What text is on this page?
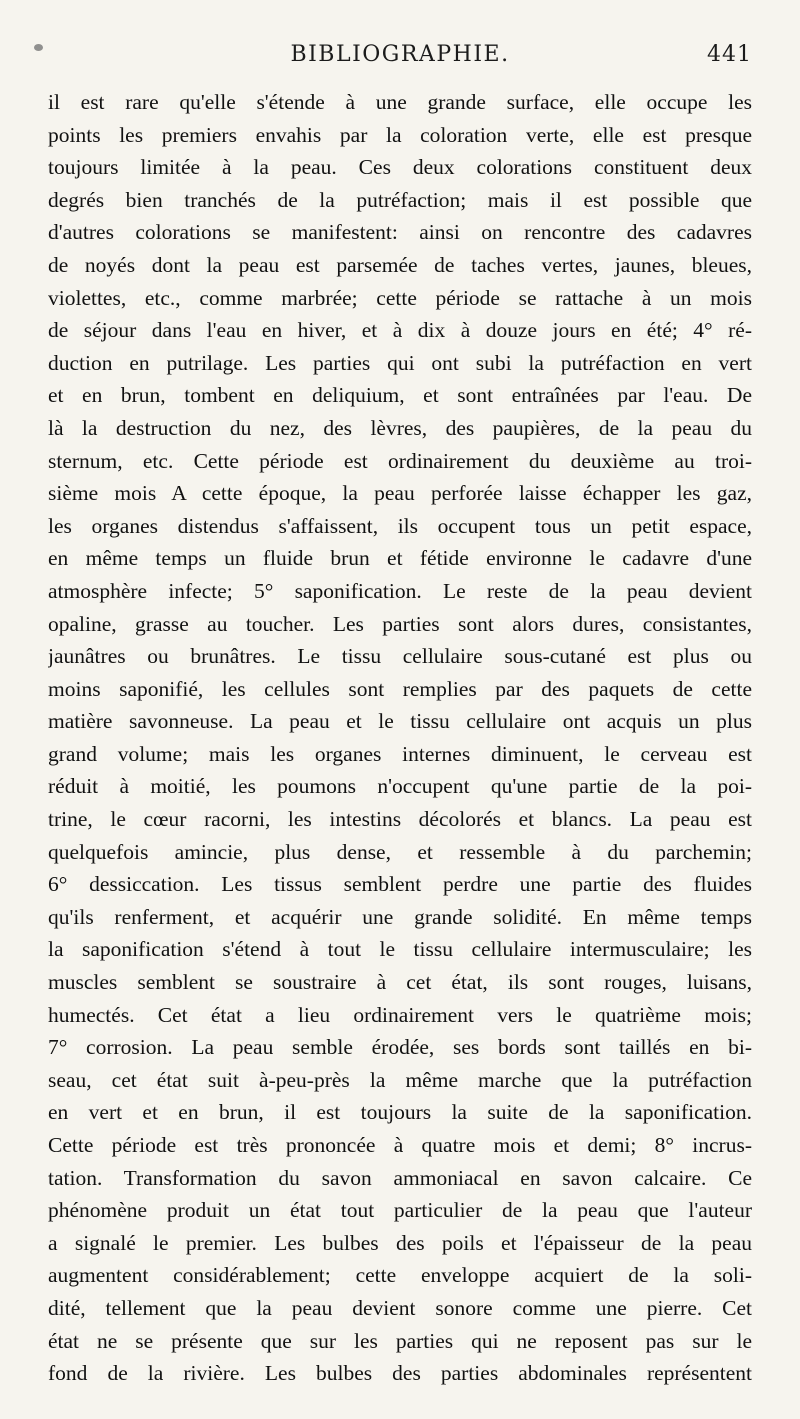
BIBLIOGRAPHIE.	441
il est rare qu'elle s'étende à une grande surface, elle occupe les
points les premiers envahis par la coloration verte, elle est presque
toujours limitée à la peau. Ces deux colorations constituent deux
degrés bien tranchés de la putréfaction; mais il est possible que
d'autres colorations se manifestent: ainsi on rencontre des cadavres
de noyés dont la peau est parsemée de taches vertes, jaunes, bleues,
violettes, etc., comme marbrée; cette période se rattache à un mois
de séjour dans l'eau en hiver, et à dix à douze jours en été; 4° ré-
duction en putrilage. Les parties qui ont subi la putréfaction en vert
et en brun, tombent en deliquium, et sont entraînées par l'eau. De
là la destruction du nez, des lèvres, des paupières, de la peau du
sternum, etc. Cette période est ordinairement du deuxième au troi-
sième mois A cette époque, la peau perforée laisse échapper les gaz,
les organes distendus s'affaissent, ils occupent tous un petit espace,
en même temps un fluide brun et fétide environne le cadavre d'une
atmosphère infecte; 5° saponification. Le reste de la peau devient
opaline, grasse au toucher. Les parties sont alors dures, consistantes,
jaunâtres ou brunâtres. Le tissu cellulaire sous-cutané est plus ou
moins saponifié, les cellules sont remplies par des paquets de cette
matière savonneuse. La peau et le tissu cellulaire ont acquis un plus
grand volume; mais les organes internes diminuent, le cerveau est
réduit à moitié, les poumons n'occupent qu'une partie de la poi-
trine, le cœur racorni, les intestins décolorés et blancs. La peau est
quelquefois amincie, plus dense, et ressemble à du parchemin;
6° dessiccation. Les tissus semblent perdre une partie des fluides
qu'ils renferment, et acquérir une grande solidité. En même temps
la saponification s'étend à tout le tissu cellulaire intermusculaire; les
muscles semblent se soustraire à cet état, ils sont rouges, luisans,
humectés. Cet état a lieu ordinairement vers le quatrième mois;
7° corrosion. La peau semble érodée, ses bords sont taillés en bi-
seau, cet état suit à-peu-près la même marche que la putréfaction
en vert et en brun, il est toujours la suite de la saponification.
Cette période est très prononcée à quatre mois et demi; 8° incrus-
tation. Transformation du savon ammoniacal en savon calcaire. Ce
phénomène produit un état tout particulier de la peau que l'auteur
a signalé le premier. Les bulbes des poils et l'épaisseur de la peau
augmentent considérablement; cette enveloppe acquiert de la soli-
dité, tellement que la peau devient sonore comme une pierre. Cet
état ne se présente que sur les parties qui ne reposent pas sur le
fond de la rivière. Les bulbes des parties abdominales représentent
